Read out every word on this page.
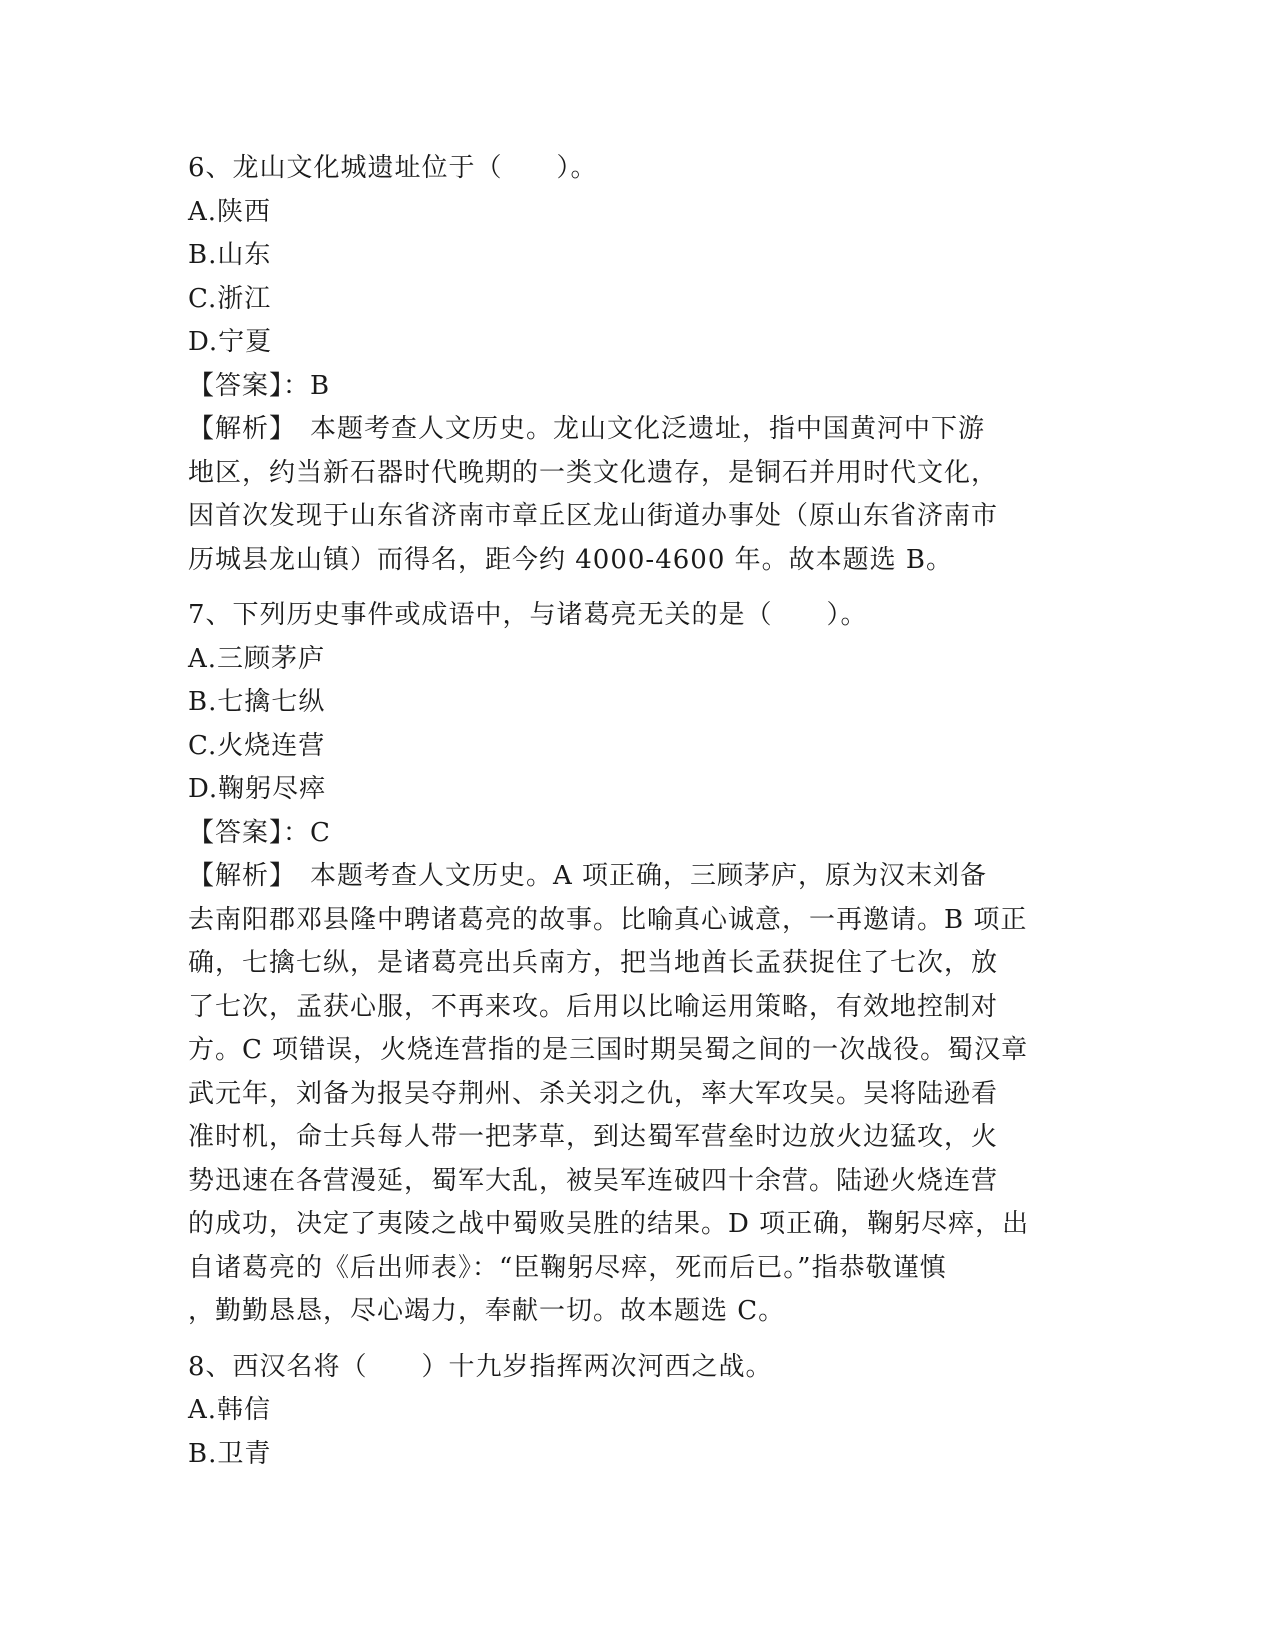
6、龙山文化城遗址位于（　　）。
A.陕西
B.山东
C.浙江
D.宁夏
【答案】：B
【解析】　本题考查人文历史。龙山文化泛遗址，指中国黄河中下游
地区，约当新石器时代晚期的一类文化遗存，是铜石并用时代文化，
因首次发现于山东省济南市章丘区龙山街道办事处（原山东省济南市
历城县龙山镇）而得名，距今约 4000-4600 年。故本题选 B。
7、下列历史事件或成语中，与诸葛亮无关的是（　　）。
A.三顾茅庐
B.七擒七纵
C.火烧连营
D.鞠躬尽瘁
【答案】：C
【解析】　本题考查人文历史。A 项正确，三顾茅庐，原为汉末刘备
去南阳郡邓县隆中聘诸葛亮的故事。比喻真心诚意，一再邀请。B 项正
确，七擒七纵，是诸葛亮出兵南方，把当地酋长孟获捉住了七次，放
了七次，孟获心服，不再来攻。后用以比喻运用策略，有效地控制对
方。C 项错误，火烧连营指的是三国时期吴蜀之间的一次战役。蜀汉章
武元年，刘备为报吴夺荆州、杀关羽之仇，率大军攻吴。吴将陆逊看
准时机，命士兵每人带一把茅草，到达蜀军营垒时边放火边猛攻，火
势迅速在各营漫延，蜀军大乱，被吴军连破四十余营。陆逊火烧连营
的成功，决定了夷陵之战中蜀败吴胜的结果。D 项正确，鞠躬尽瘁，出
自诸葛亮的《后出师表》：“臣鞠躬尽瘁，死而后已。”指恭敬谨慎
，勤勤恳恳，尽心竭力，奉献一切。故本题选 C。
8、西汉名将（　　）十九岁指挥两次河西之战。
A.韩信
B.卫青
